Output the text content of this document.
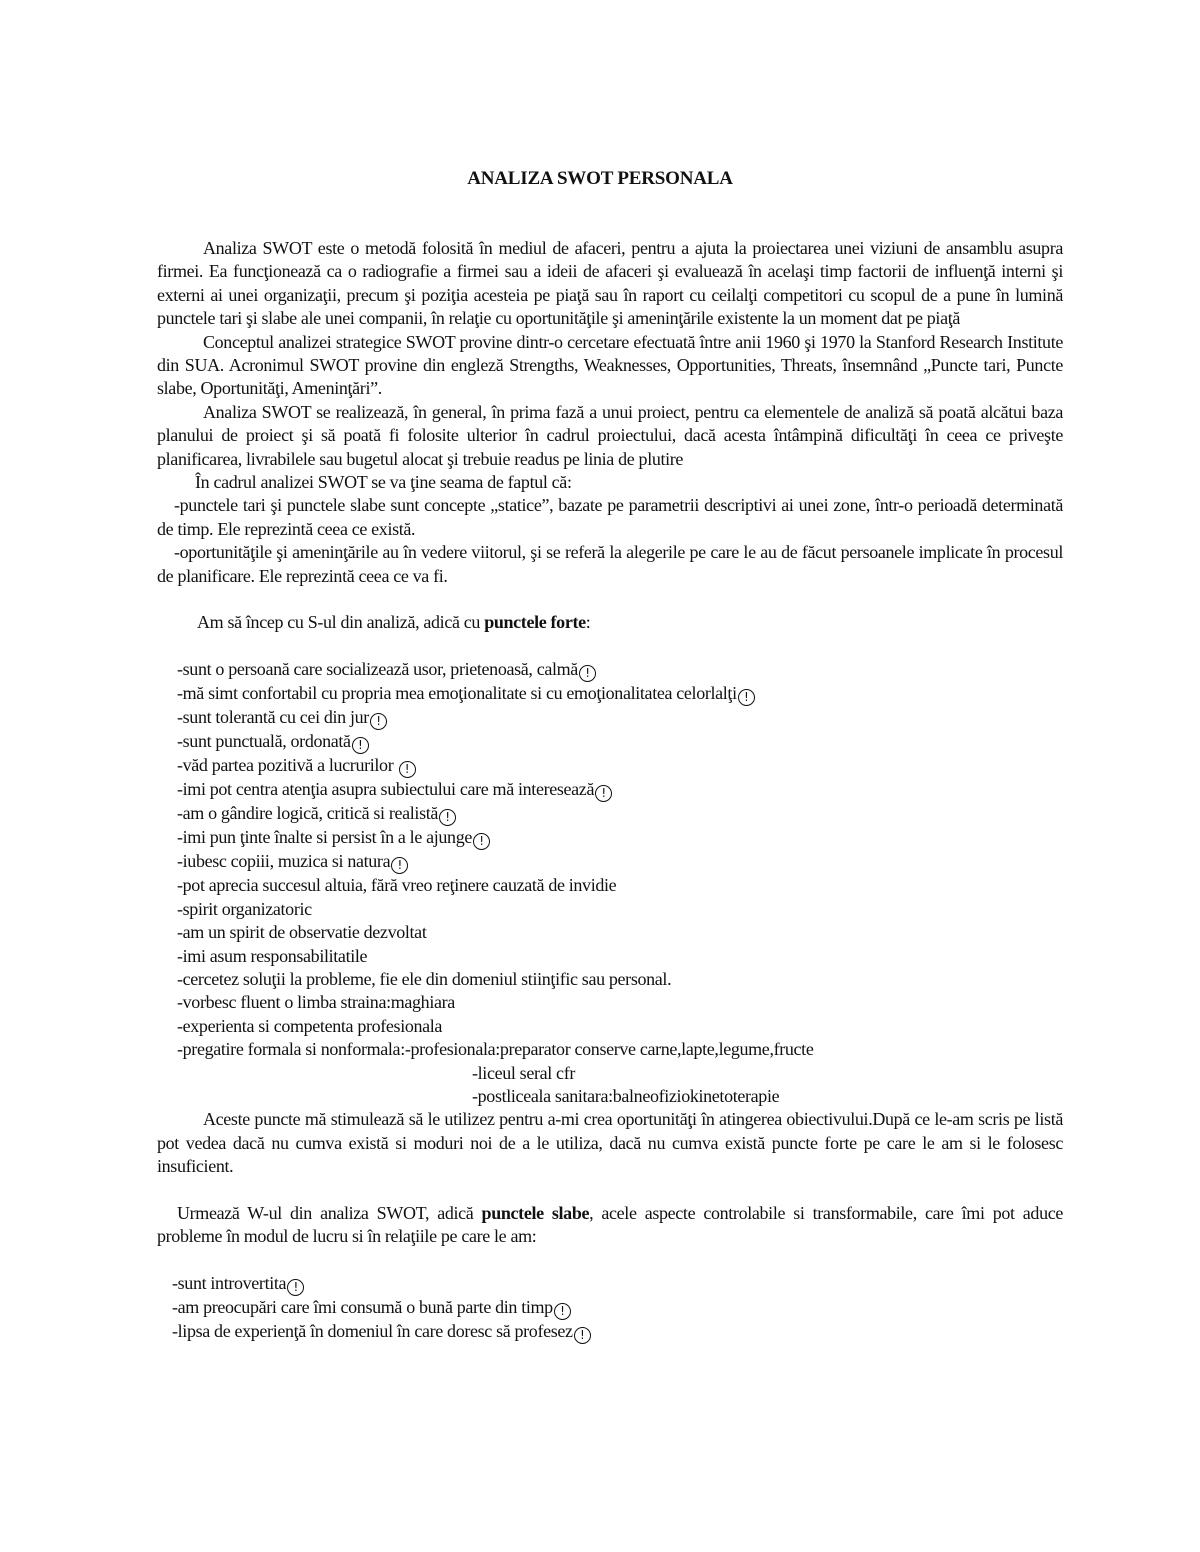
ANALIZA SWOT PERSONALA

Analiza SWOT este o metodă folosită în mediul de afaceri, pentru a ajuta la proiectarea unei viziuni de ansamblu asupra firmei. Ea funcţionează ca o radiografie a firmei sau a ideii de afaceri şi evaluează în acelaşi timp factorii de influenţă interni şi externi ai unei organizaţii, precum şi poziţia acesteia pe piaţă sau în raport cu ceilalţi competitori cu scopul de a pune în lumină punctele tari şi slabe ale unei companii, în relaţie cu oportunităţile şi ameninţările existente la un moment dat pe piaţă

Conceptul analizei strategice SWOT provine dintr-o cercetare efectuată între anii 1960 şi 1970 la Stanford Research Institute din SUA. Acronimul SWOT provine din engleză Strengths, Weaknesses, Opportunities, Threats, însemnând „Puncte tari, Puncte slabe, Oportunităţi, Ameninţări”.

Analiza SWOT se realizează, în general, în prima fază a unui proiect, pentru ca elementele de analiză să poată alcătui baza planului de proiect şi să poată fi folosite ulterior în cadrul proiectului, dacă acesta întâmpină dificultăţi în ceea ce priveşte planificarea, livrabilele sau bugetul alocat şi trebuie readus pe linia de plutire

În cadrul analizei SWOT se va ţine seama de faptul că:

-punctele tari şi punctele slabe sunt concepte „statice”, bazate pe parametrii descriptivi ai unei zone, într-o perioadă determinată de timp. Ele reprezintă ceea ce există.

-oportunităţile şi ameninţările au în vedere viitorul, şi se referă la alegerile pe care le au de făcut persoanele implicate în procesul de planificare. Ele reprezintă ceea ce va fi.

Am să încep cu S-ul din analiză, adică cu punctele forte:

-sunt o persoană care socializează usor, prietenoasă, calmă !
-mă simt confortabil cu propria mea emoţionalitate si cu emoţionalitatea celorlalţi !
-sunt tolerantă cu cei din jur !
-sunt punctuală, ordonată !
-văd partea pozitivă a lucrurilor !
-imi pot centra atenţia asupra subiectului care mă interesează !
-am o gândire logică, critică si realistă !
-imi pun ţinte înalte si persist în a le ajunge !
-iubesc copiii, muzica si natura !
-pot aprecia succesul altuia, fără vreo reţinere cauzată de invidie
-spirit organizatoric
-am un spirit de observatie dezvoltat
-imi asum responsabilitatile
-cercetez soluţii la probleme, fie ele din domeniul stiinţific sau personal.
-vorbesc fluent o limba straina:maghiara
-experienta si competenta profesionala
-pregatire formala si nonformala:-profesionala:preparator conserve carne,lapte,legume,fructe
-liceul seral cfr
-postliceala sanitara:balneofiziokinetoterapie

Aceste puncte mă stimulează să le utilizez pentru a-mi crea oportunităţi în atingerea obiectivului.După ce le-am scris pe listă pot vedea dacă nu cumva există si moduri noi de a le utiliza, dacă nu cumva există puncte forte pe care le am si le folosesc insuficient.

Urmează W-ul din analiza SWOT, adică punctele slabe, acele aspecte controlabile si transformabile, care îmi pot aduce probleme în modul de lucru si în relaţiile pe care le am:

-sunt introvertita !
-am preocupări care îmi consumă o bună parte din timp !
-lipsa de experienţă în domeniul în care doresc să profesez !
